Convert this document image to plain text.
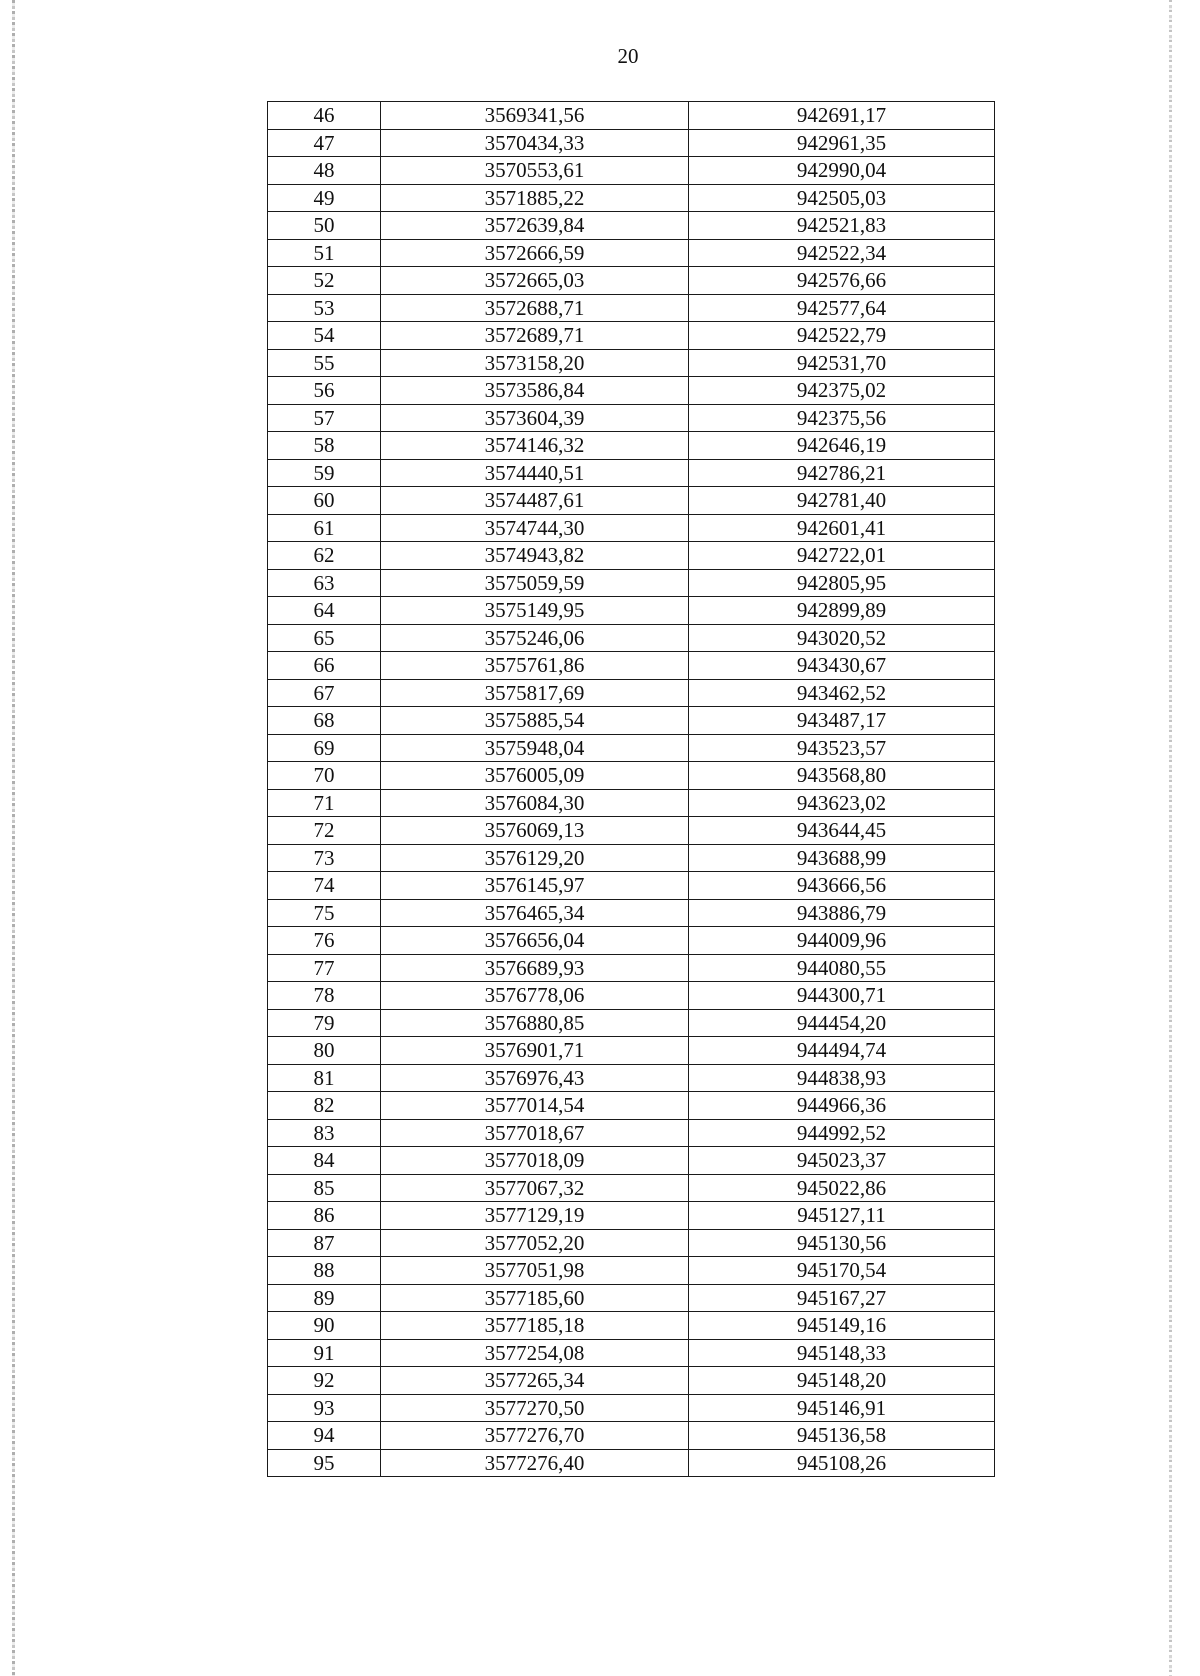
20
46	3569341,56	942691,17
47	3570434,33	942961,35
48	3570553,61	942990,04
49	3571885,22	942505,03
50	3572639,84	942521,83
51	3572666,59	942522,34
52	3572665,03	942576,66
53	3572688,71	942577,64
54	3572689,71	942522,79
55	3573158,20	942531,70
56	3573586,84	942375,02
57	3573604,39	942375,56
58	3574146,32	942646,19
59	3574440,51	942786,21
60	3574487,61	942781,40
61	3574744,30	942601,41
62	3574943,82	942722,01
63	3575059,59	942805,95
64	3575149,95	942899,89
65	3575246,06	943020,52
66	3575761,86	943430,67
67	3575817,69	943462,52
68	3575885,54	943487,17
69	3575948,04	943523,57
70	3576005,09	943568,80
71	3576084,30	943623,02
72	3576069,13	943644,45
73	3576129,20	943688,99
74	3576145,97	943666,56
75	3576465,34	943886,79
76	3576656,04	944009,96
77	3576689,93	944080,55
78	3576778,06	944300,71
79	3576880,85	944454,20
80	3576901,71	944494,74
81	3576976,43	944838,93
82	3577014,54	944966,36
83	3577018,67	944992,52
84	3577018,09	945023,37
85	3577067,32	945022,86
86	3577129,19	945127,11
87	3577052,20	945130,56
88	3577051,98	945170,54
89	3577185,60	945167,27
90	3577185,18	945149,16
91	3577254,08	945148,33
92	3577265,34	945148,20
93	3577270,50	945146,91
94	3577276,70	945136,58
95	3577276,40	945108,26
